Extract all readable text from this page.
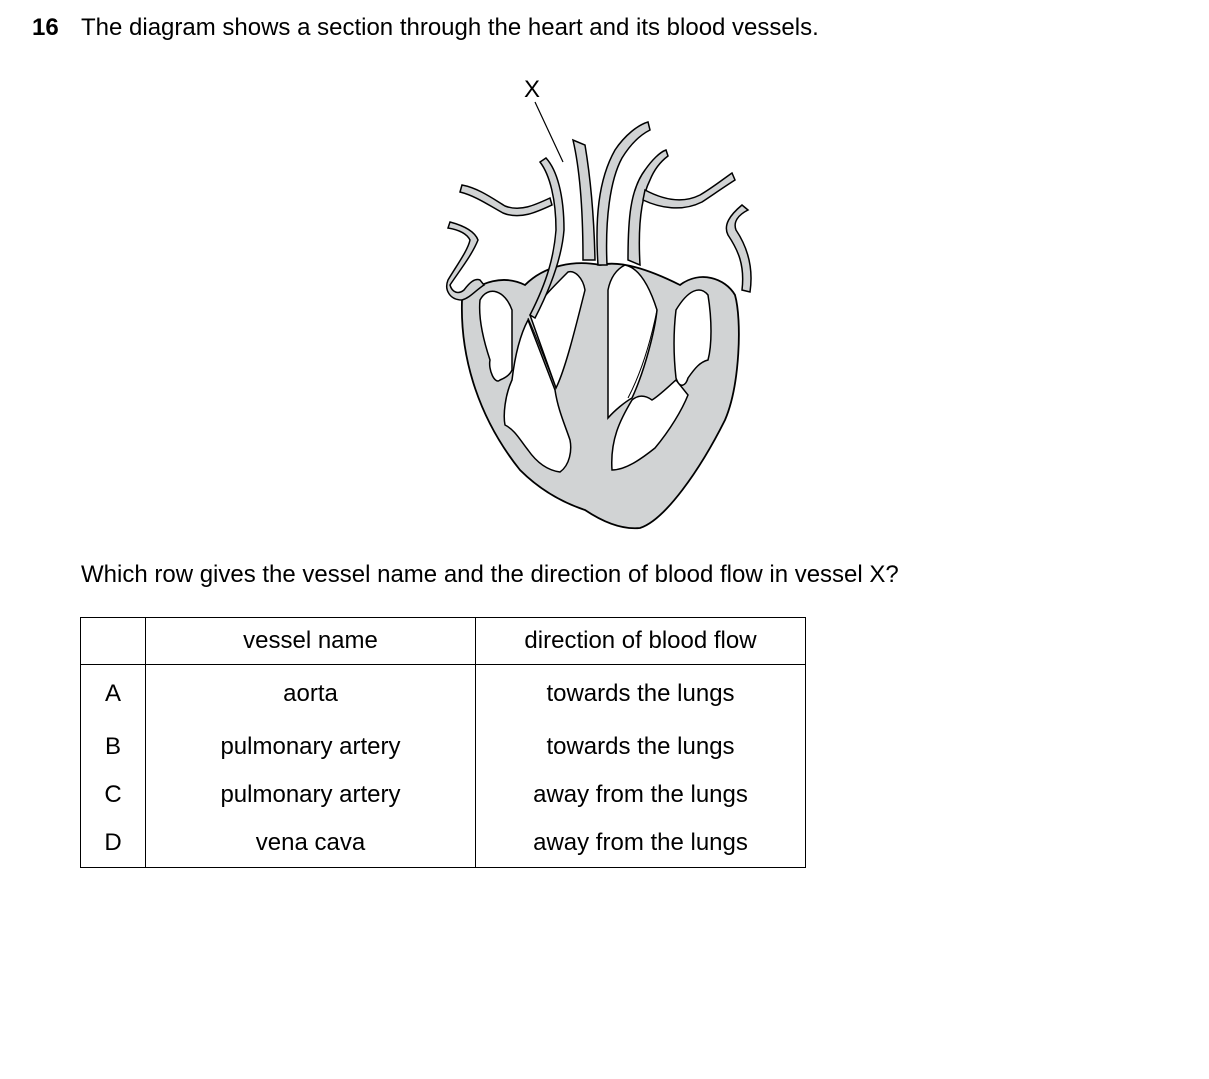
16 The diagram shows a section through the heart and its blood vessels.
X
Which row gives the vessel name and the direction of blood flow in vessel X?
	vessel name	direction of blood flow
A	aorta	towards the lungs
B	pulmonary artery	towards the lungs
C	pulmonary artery	away from the lungs
D	vena cava	away from the lungs
